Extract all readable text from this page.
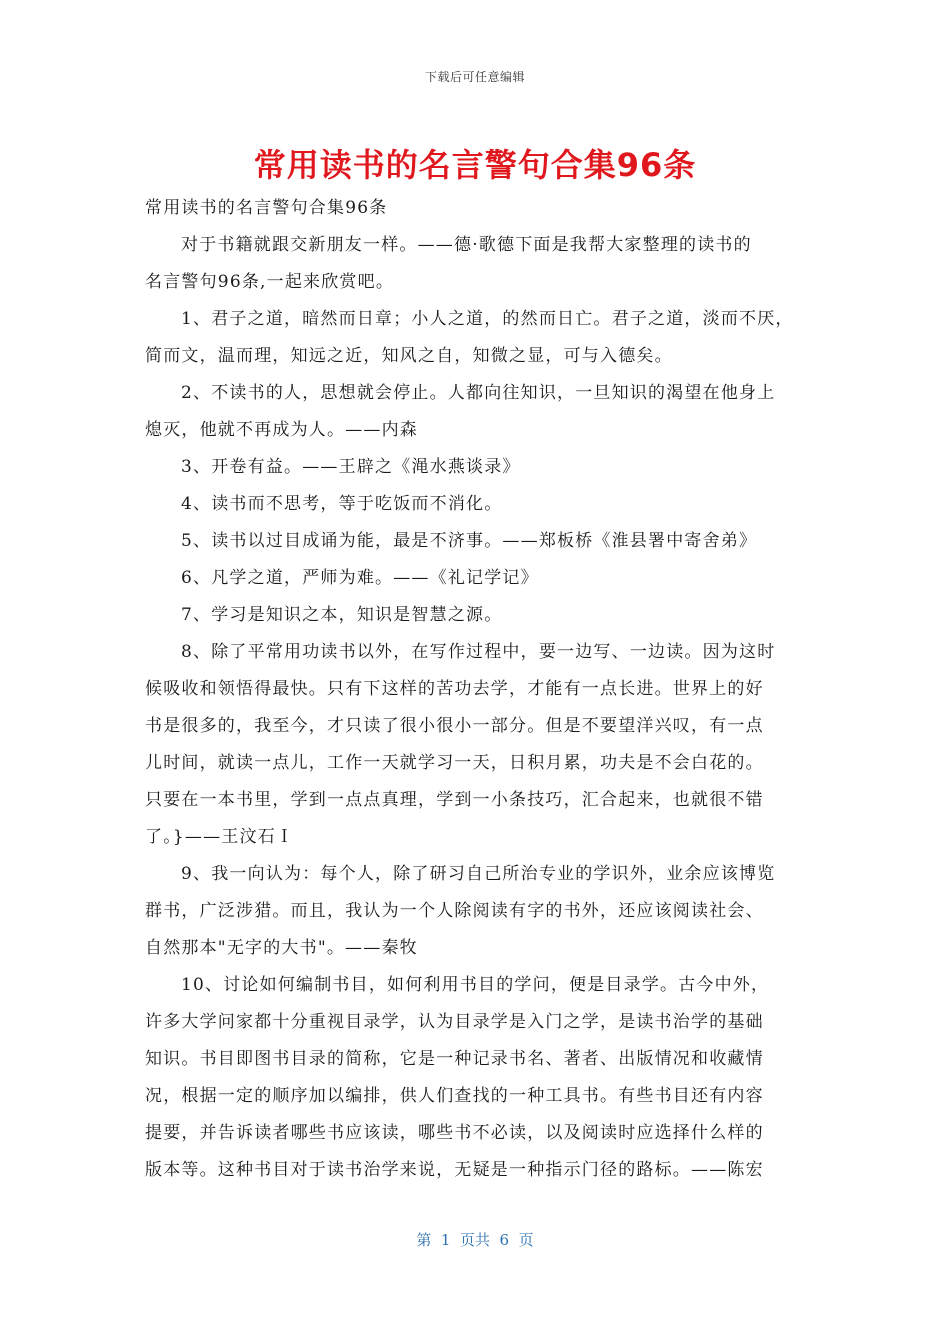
下载后可任意编辑
常用读书的名言警句合集96条
常用读书的名言警句合集96条
对于书籍就跟交新朋友一样。——德·歌德下面是我帮大家整理的读书的
名言警句96条,一起来欣赏吧。
1、君子之道，暗然而日章；小人之道，的然而日亡。君子之道，淡而不厌，
简而文，温而理，知远之近，知风之自，知微之显，可与入德矣。
2、不读书的人，思想就会停止。人都向往知识，一旦知识的渴望在他身上
熄灭，他就不再成为人。——内森
3、开卷有益。——王辟之《渑水燕谈录》
4、读书而不思考，等于吃饭而不消化。
5、读书以过目成诵为能，最是不济事。——郑板桥《淮县署中寄舍弟》
6、凡学之道，严师为难。——《礼记学记》
7、学习是知识之本，知识是智慧之源。
8、除了平常用功读书以外，在写作过程中，要一边写、一边读。因为这时
候吸收和领悟得最快。只有下这样的苦功去学，才能有一点长进。世界上的好
书是很多的，我至今，才只读了很小很小一部分。但是不要望洋兴叹，有一点
儿时间，就读一点儿，工作一天就学习一天，日积月累，功夫是不会白花的。
只要在一本书里，学到一点点真理，学到一小条技巧，汇合起来，也就很不错
了。}——王汶石Ｉ
9、我一向认为：每个人，除了研习自己所治专业的学识外，业余应该博览
群书，广泛涉猎。而且，我认为一个人除阅读有字的书外，还应该阅读社会、
自然那本"无字的大书"。——秦牧
10、讨论如何编制书目，如何利用书目的学问，便是目录学。古今中外，
许多大学问家都十分重视目录学，认为目录学是入门之学，是读书治学的基础
知识。书目即图书目录的简称，它是一种记录书名、著者、出版情况和收藏情
况，根据一定的顺序加以编排，供人们查找的一种工具书。有些书目还有内容
提要，并告诉读者哪些书应该读，哪些书不必读，以及阅读时应选择什么样的
版本等。这种书目对于读书治学来说，无疑是一种指示门径的路标。——陈宏
第  1  页共  6  页
